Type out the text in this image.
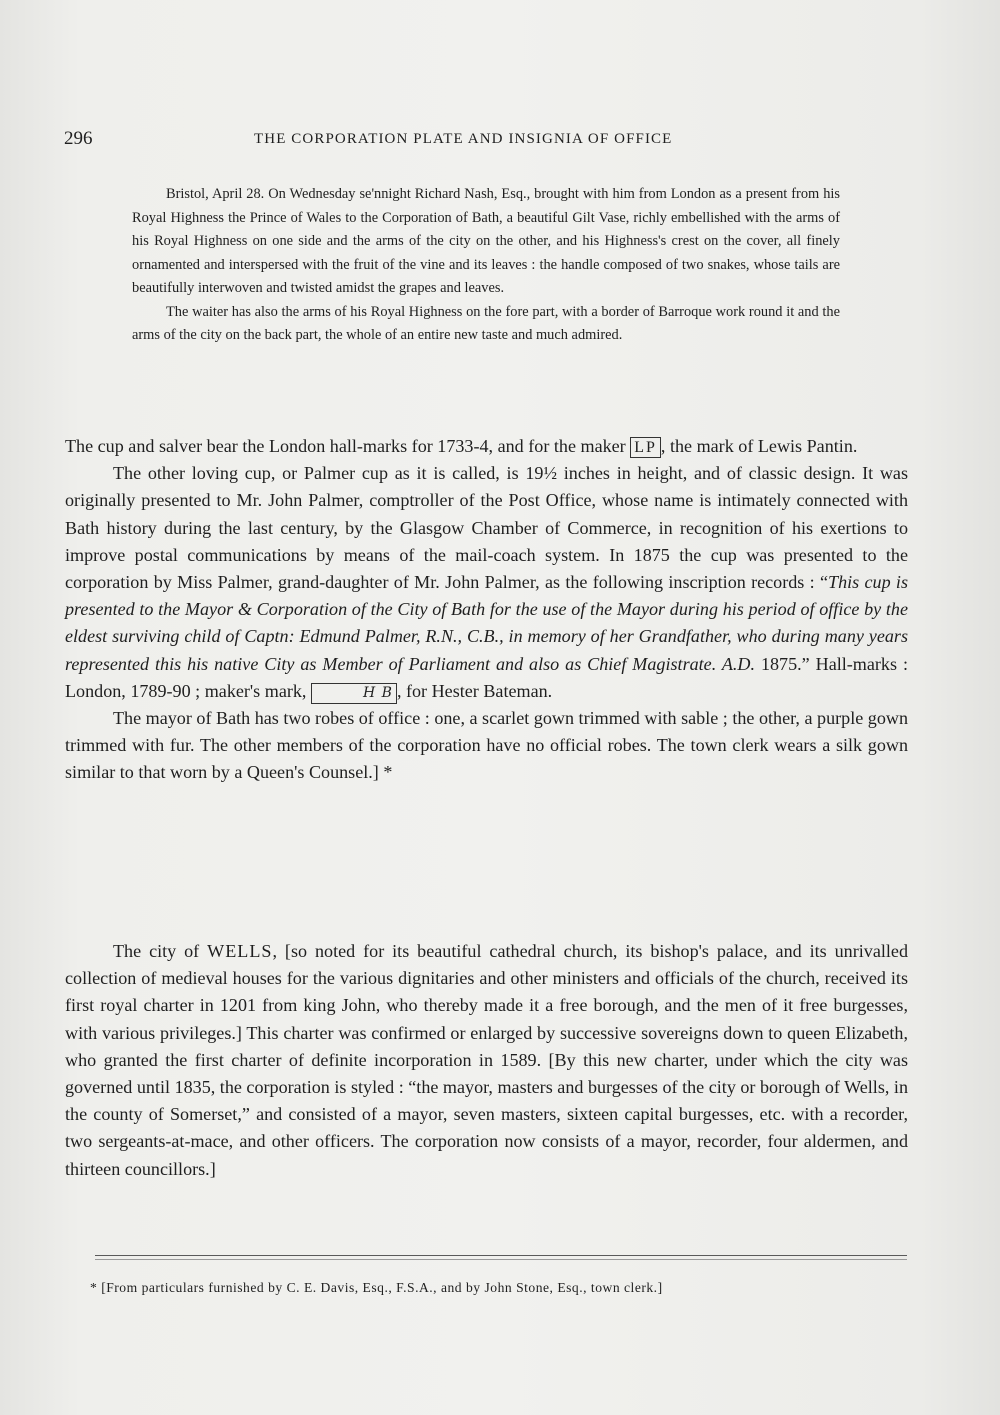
296	THE CORPORATION PLATE AND INSIGNIA OF OFFICE

Bristol, April 28. On Wednesday se'nnight Richard Nash, Esq., brought with him from London as a present from his Royal Highness the Prince of Wales to the Corporation of Bath, a beautiful Gilt Vase, richly embellished with the arms of his Royal Highness on one side and the arms of the city on the other, and his Highness's crest on the cover, all finely ornamented and interspersed with the fruit of the vine and its leaves : the handle composed of two snakes, whose tails are beautifully interwoven and twisted amidst the grapes and leaves.

The waiter has also the arms of his Royal Highness on the fore part, with a border of Barroque work round it and the arms of the city on the back part, the whole of an entire new taste and much admired.

The cup and salver bear the London hall-marks for 1733-4, and for the maker LP , the mark of Lewis Pantin.

The other loving cup, or Palmer cup as it is called, is 19½ inches in height, and of classic design. It was originally presented to Mr. John Palmer, comptroller of the Post Office, whose name is intimately connected with Bath history during the last century, by the Glasgow Chamber of Commerce, in recognition of his exertions to improve postal communications by means of the mail-coach system. In 1875 the cup was presented to the corporation by Miss Palmer, grand-daughter of Mr. John Palmer, as the following inscription records : “This cup is presented to the Mayor & Corporation of the City of Bath for the use of the Mayor during his period of office by the eldest surviving child of Captn: Edmund Palmer, R.N., C.B., in memory of her Grandfather, who during many years represented this his native City as Member of Parliament and also as Chief Magistrate. A.D. 1875.” Hall-marks : London, 1789-90 ; maker's mark,	H B , for Hester Bateman.

The mayor of Bath has two robes of office : one, a scarlet gown trimmed with sable ; the other, a purple gown trimmed with fur. The other members of the corporation have no official robes. The town clerk wears a silk gown similar to that worn by a Queen's Counsel.] *

The city of WELLS, [so noted for its beautiful cathedral church, its bishop's palace, and its unrivalled collection of medieval houses for the various dignitaries and other ministers and officials of the church, received its first royal charter in 1201 from king John, who thereby made it a free borough, and the men of it free burgesses, with various privileges.] This charter was confirmed or enlarged by successive sovereigns down to queen Elizabeth, who granted the first charter of definite incorporation in 1589. [By this new charter, under which the city was governed until 1835, the corporation is styled : “the mayor, masters and burgesses of the city or borough of Wells, in the county of Somerset,” and consisted of a mayor, seven masters, sixteen capital burgesses, etc. with a recorder, two sergeants-at-mace, and other officers. The corporation now consists of a mayor, recorder, four aldermen, and thirteen councillors.]

* [From particulars furnished by C. E. Davis, Esq., F.S.A., and by John Stone, Esq., town clerk.]
